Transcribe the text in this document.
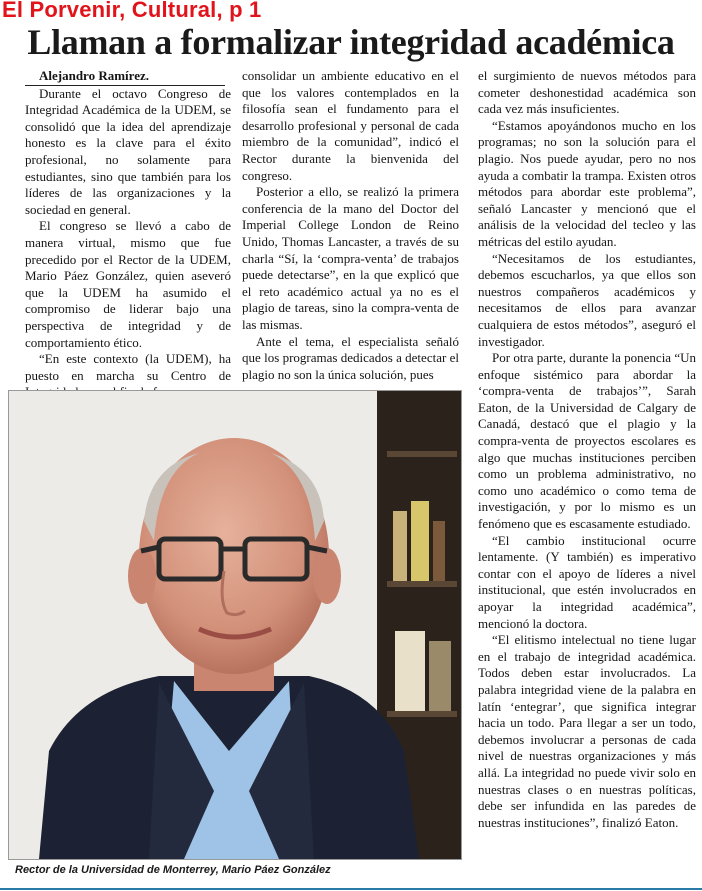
El Porvenir, Cultural, p 1
Llaman a formalizar integridad académica

Alejandro Ramírez.

Durante el octavo Congreso de Integridad Académica de la UDEM, se consolidó que la idea del aprendizaje honesto es la clave para el éxito profesional, no solamente para estudiantes, sino que también para los líderes de las organizaciones y la sociedad en general.

El congreso se llevó a cabo de manera virtual, mismo que fue precedido por el Rector de la UDEM, Mario Páez González, quien aseveró que la UDEM ha asumido el compromiso de liderar bajo una perspectiva de integridad y de comportamiento ético.

“En este contexto (la UDEM), ha puesto en marcha su Centro de

consolidar un ambiente educativo en el que los valores contemplados en la filosofía sean el fundamento para el desarrollo profesional y personal de cada miembro de la comunidad”, indicó el Rector durante la bienvenida del congreso.

Posterior a ello, se realizó la primera conferencia de la mano del Doctor del Imperial College London de Reino Unido, Thomas Lancaster, a través de su charla “Sí, la ‘compra-venta’ de trabajos puede detectarse”, en la que explicó que el reto académico actual ya no es el plagio de tareas, sino la compra-venta de las mismas.

Ante el tema, el especialista señaló que los programas dedicados a detectar el plagio no son la única solución, pues

el surgimiento de nuevos métodos para cometer deshonestidad académica son cada vez más insuficientes.

“Estamos apoyándonos mucho en los programas; no son la solución para el plagio. Nos puede ayudar, pero no nos ayuda a combatir la trampa. Existen otros métodos para abordar este problema”, señaló Lancaster y mencionó que el análisis de la velocidad del tecleo y las métricas del estilo ayudan.

“Necesitamos de los estudiantes, debemos escucharlos, ya que ellos son nuestros compañeros académicos y necesitamos de ellos para avanzar cualquiera de estos métodos”, aseguró el investigador.

Por otra parte, durante la ponencia “Un enfoque sistémico para abordar la ‘compra-venta de trabajos’”, Sarah Eaton, de la Universidad de Calgary de Canadá, destacó que el plagio y la compra-venta de proyectos escolares es algo que muchas instituciones perciben como un problema administrativo, no como uno académico o como tema de investigación, y por lo mismo es un fenómeno que es escasamente estudiado.

“El cambio institucional ocurre lentamente. (Y también) es imperativo contar con el apoyo de líderes a nivel institucional, que estén involucrados en apoyar la integridad académica”, mencionó la doctora.

“El elitismo intelectual no tiene lugar en el trabajo de integridad académica. Todos deben estar involucrados. La palabra integridad viene de la palabra en latín ‘entegrar’, que significa integrar hacia un todo. Para llegar a ser un todo, debemos involucrar a personas de cada nivel de nuestras organizaciones y más allá. La integridad no puede vivir solo en nuestras clases o en nuestras políticas, debe ser infundida en las paredes de nuestras instituciones”, finalizó Eaton.

Rector de la Universidad de Monterrey, Mario Páez González
